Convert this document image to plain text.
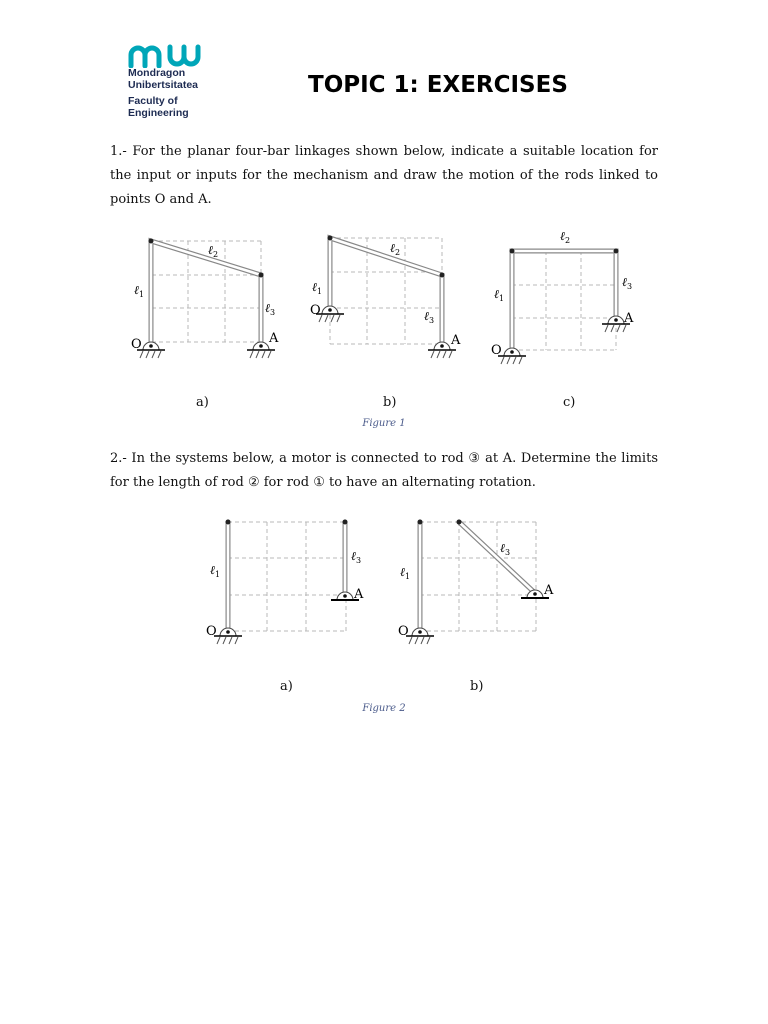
Mondragon
Unibertsitatea
Faculty of
Engineering
TOPIC 1: EXERCISES

1.- For the planar four-bar linkages shown below, indicate a suitable location for the input or inputs for the mechanism and draw the motion of the rods linked to points O and A.

ℓ$_1$
ℓ$_2$
ℓ$_3$
O	A
ℓ$_1$
ℓ$_2$
ℓ$_3$
O
A
ℓ$_1$
ℓ$_2$
ℓ$_3$
O
A
a)	b)	c)
Figure 1

2.- In the systems below, a motor is connected to rod ③ at A. Determine the limits for the length of rod ② for rod ① to have an alternating rotation.

ℓ$_1$
ℓ$_3$
O
A
ℓ$_1$
ℓ$_3$
O
A
a)	b)
Figure 2
